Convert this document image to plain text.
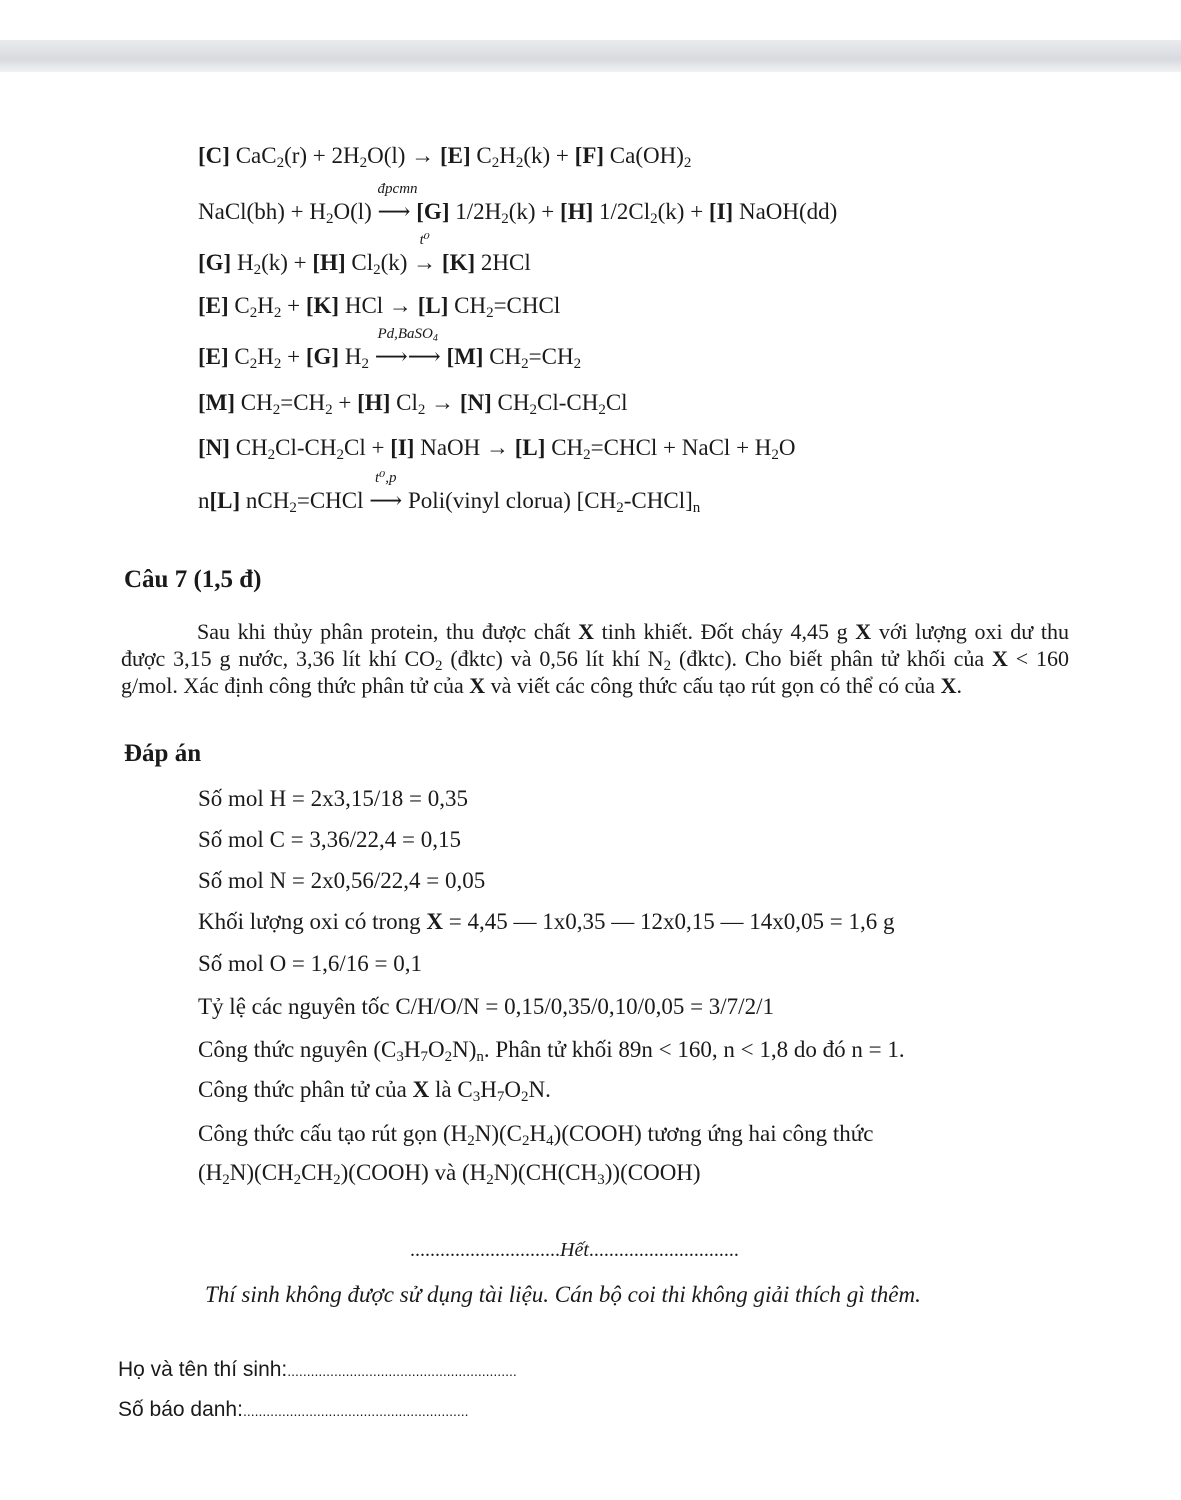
[C] $CaC_2(r) + 2H_2O(l) \to [E] C_2H_2(k) + [F]$ $Ca(OH)_2$
NaCl(bh) + $H_2O(l)$
đpcmn
⟶ [G] $1/2H_2(k) + [H] 1/2Cl_2(k) + [I]$ NaOH(dd)
[G] $H_2(k) + [H]$ $Cl_2(k)$
t⁰
→ [K] 2HCl
[E] $C_2H_2 + [K]$ HCl → [L] $CH_2=CHCl$
[E] $C_2H_2 + [G]$ $H_2$
Pd,BaSO$_4$
⟶⟶ [M] $CH_2=CH_2$
[M] $CH_2=CH_2 + [H] Cl_2 \to [N]$ $CH_2Cl-CH_2Cl$
[N] $CH_2Cl-CH_2Cl + [I]$ NaOH → [L] $CH_2=CHCl$ + NaCl + $H_2O$
n[L] nCH$_2$=CHCl
t⁰,p
⟶ Poli(vinyl clorua) $[CH_2-CHCl]_n$
Câu 7 (1,5 đ)

Sau khi thủy phân protein, thu được chất X tinh khiết. Đốt cháy 4,45 g X với lượng oxi dư thu được 3,15 g nước, 3,36 lít khí $CO_2$ (đktc) và 0,56 lít khí $N_2$ (đktc). Cho biết phân tử khối của X < 160 g/mol. Xác định công thức phân tử của X và viết các công thức cấu tạo rút gọn có thể có của X.

Đáp án
Số mol H = 2x3,15/18 = 0,35
Số mol C = 3,36/22,4 = 0,15
Số mol N = 2x0,56/22,4 = 0,05
Khối lượng oxi có trong X = 4,45 — 1x0,35 — 12x0,15 — 14x0,05 = 1,6 g
Số mol O = 1,6/16 = 0,1
Tỷ lệ các nguyên tốc C/H/O/N = 0,15/0,35/0,10/0,05 = 3/7/2/1
Công thức nguyên $(C_3H_7O_2N)_n$. Phân tử khối 89n < 160, n < 1,8 do đó n = 1.
Công thức phân tử của X là $C_3H_7O_2N$.
Công thức cấu tạo rút gọn $(H_2N)(C_2H_4)(COOH)$ tương ứng hai công thức
$(H_2N)(CH_2CH_2)(COOH)$ và $(H_2N)(CH(CH_3))(COOH)$
..............................Hết..............................
Thí sinh không được sử dụng tài liệu. Cán bộ coi thi không giải thích gì thêm.
Họ và tên thí sinh:...........................................................
Số báo danh:..........................................................
